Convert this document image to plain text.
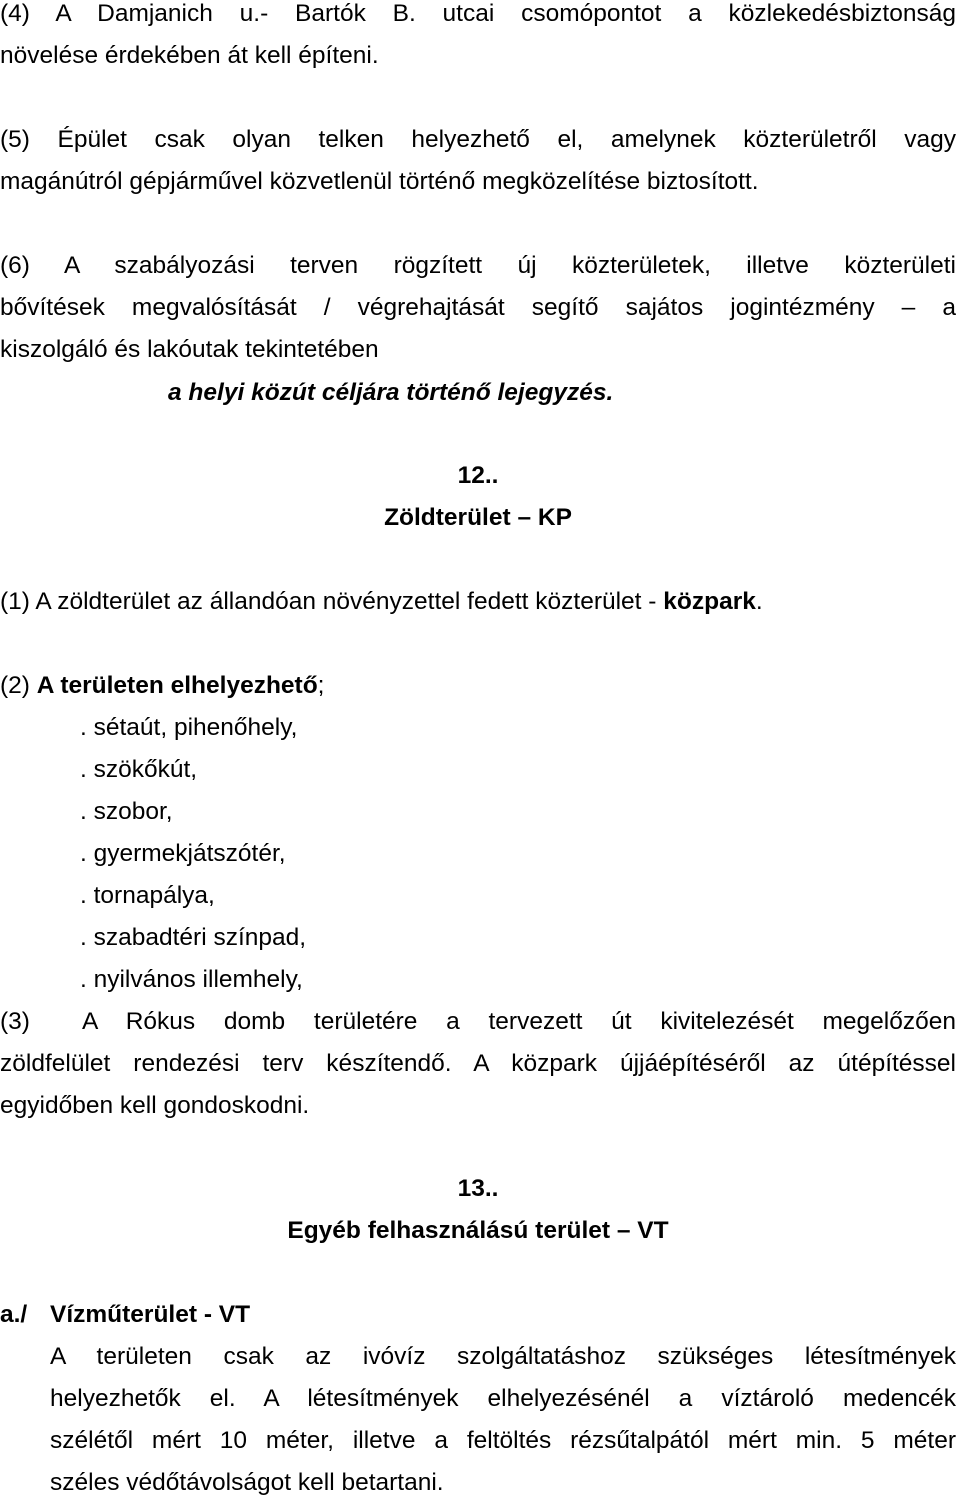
(4) A Damjanich u.- Bartók B. utcai csomópontot a közlekedésbiztonság
növelése érdekében át kell építeni.
(5) Épület csak olyan telken helyezhető el, amelynek közterületről vagy
magánútról gépjárművel közvetlenül történő megközelítése biztosított.
(6) A szabályozási terven rögzített új közterületek, illetve közterületi
bővítések megvalósítását / végrehajtását segítő sajátos jogintézmény – a
kiszolgáló és lakóutak tekintetében
a helyi közút céljára történő lejegyzés.
12..
Zöldterület – KP
(1) A zöldterület az állandóan növényzettel fedett közterület - közpark.
(2) A területen elhelyezhető;
. sétaút, pihenőhely,
. szökőkút,
. szobor,
. gyermekjátszótér,
. tornapálya,
. szabadtéri színpad,
. nyilvános illemhely,
A Rókus domb területére a tervezett út kivitelezését megelőzően
(3)
zöldfelület rendezési terv készítendő. A közpark újjáépítéséről az útépítéssel
egyidőben kell gondoskodni.
13..
Egyéb felhasználású terület – VT
a./ Vízműterület - VT
A területen csak az ivóvíz szolgáltatáshoz szükséges létesítmények
helyezhetők el. A létesítmények elhelyezésénél a víztároló medencék
szélétől mért 10 méter, illetve a feltöltés rézsűtalpától mért min. 5 méter
széles védőtávolságot kell betartani.
